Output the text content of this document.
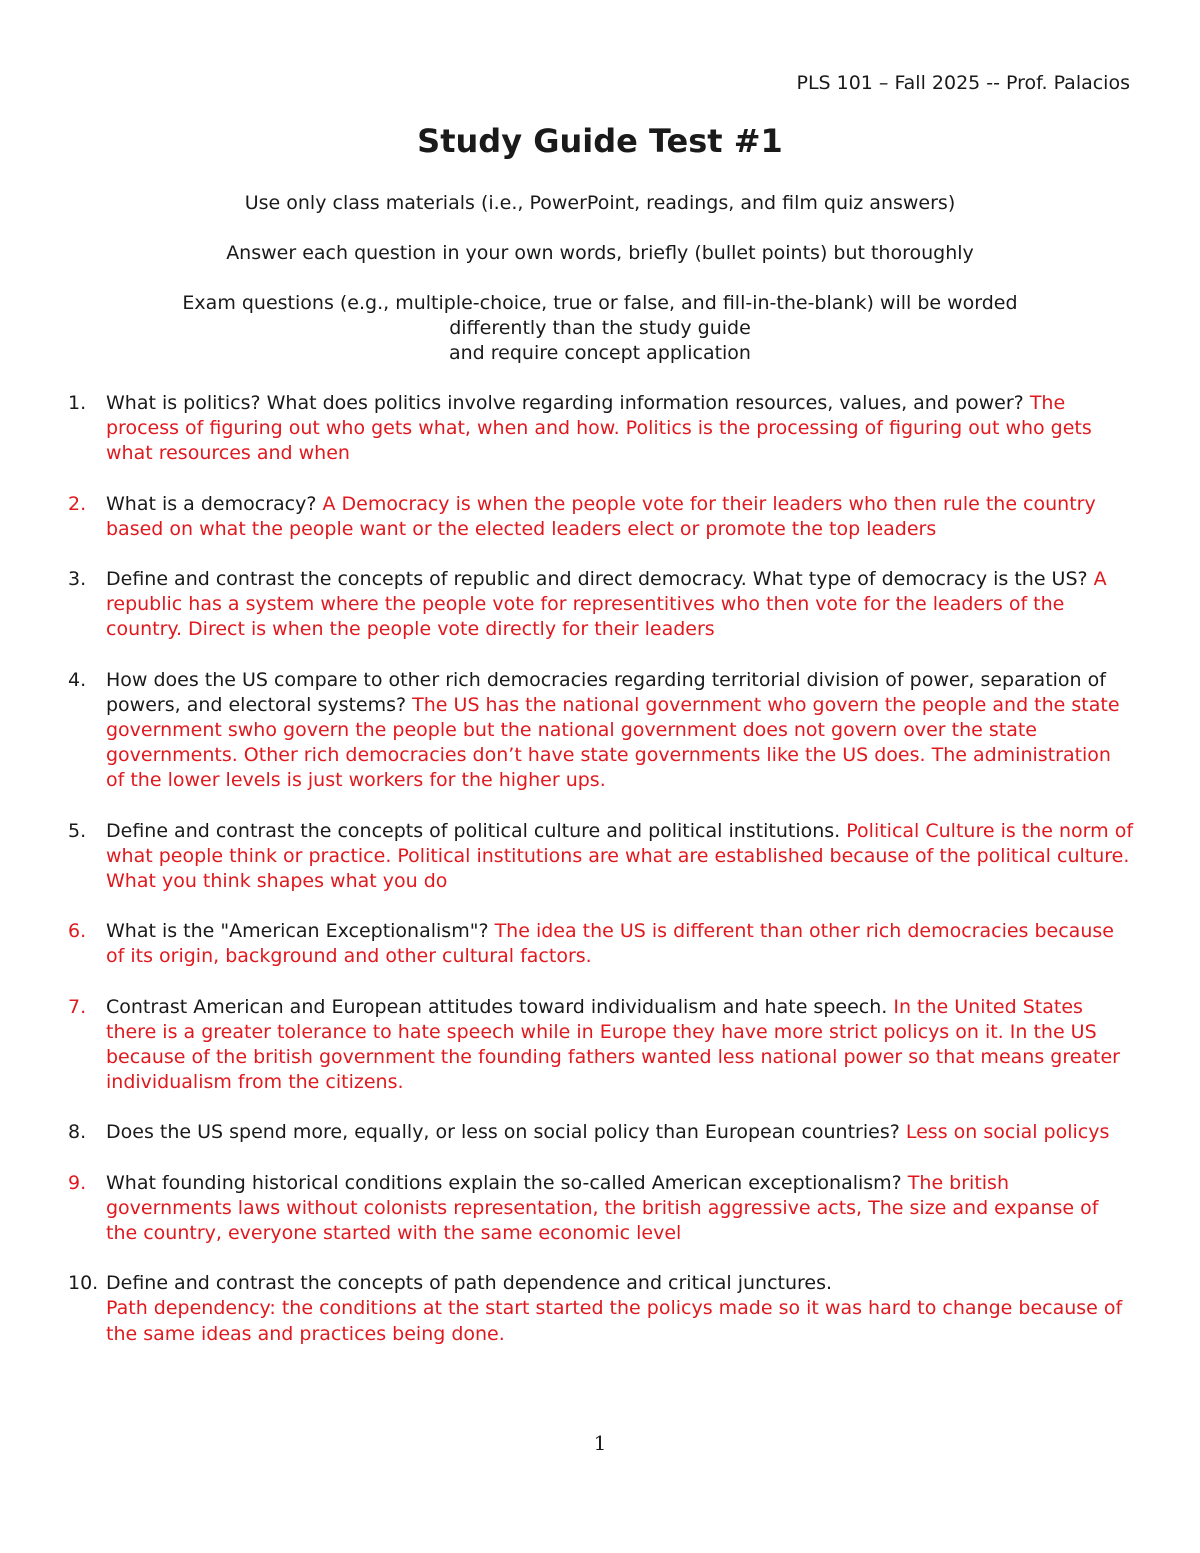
PLS 101 – Fall 2025 -- Prof. Palacios
Study Guide Test #1
Use only class materials (i.e., PowerPoint, readings, and film quiz answers)
Answer each question in your own words, briefly (bullet points) but thoroughly
Exam questions (e.g., multiple-choice, true or false, and fill-in-the-blank) will be worded
differently than the study guide
and require concept application
1. What is politics? What does politics involve regarding information resources, values, and power? The process of figuring out who gets what, when and how. Politics is the processing of figuring out who gets what resources and when
2. What is a democracy? A Democracy is when the people vote for their leaders who then rule the country based on what the people want or the elected leaders elect or promote the top leaders
3. Define and contrast the concepts of republic and direct democracy. What type of democracy is the US? A republic has a system where the people vote for representitives who then vote for the leaders of the country. Direct is when the people vote directly for their leaders
4. How does the US compare to other rich democracies regarding territorial division of power, separation of powers, and electoral systems? The US has the national government who govern the people and the state government swho govern the people but the national government does not govern over the state governments. Other rich democracies don’t have state governments like the US does. The administration of the lower levels is just workers for the higher ups.
5. Define and contrast the concepts of political culture and political institutions. Political Culture is the norm of what people think or practice. Political institutions are what are established because of the political culture. What you think shapes what you do
6. What is the "American Exceptionalism"? The idea the US is different than other rich democracies because of its origin, background and other cultural factors.
7. Contrast American and European attitudes toward individualism and hate speech. In the United States there is a greater tolerance to hate speech while in Europe they have more strict policys on it. In the US because of the british government the founding fathers wanted less national power so that means greater individualism from the citizens.
8. Does the US spend more, equally, or less on social policy than European countries? Less on social policys
9. What founding historical conditions explain the so-called American exceptionalism? The british governments laws without colonists representation, the british aggressive acts, The size and expanse of the country, everyone started with the same economic level
10. Define and contrast the concepts of path dependence and critical junctures.
Path dependency: the conditions at the start started the policys made so it was hard to change because of the same ideas and practices being done.
1
